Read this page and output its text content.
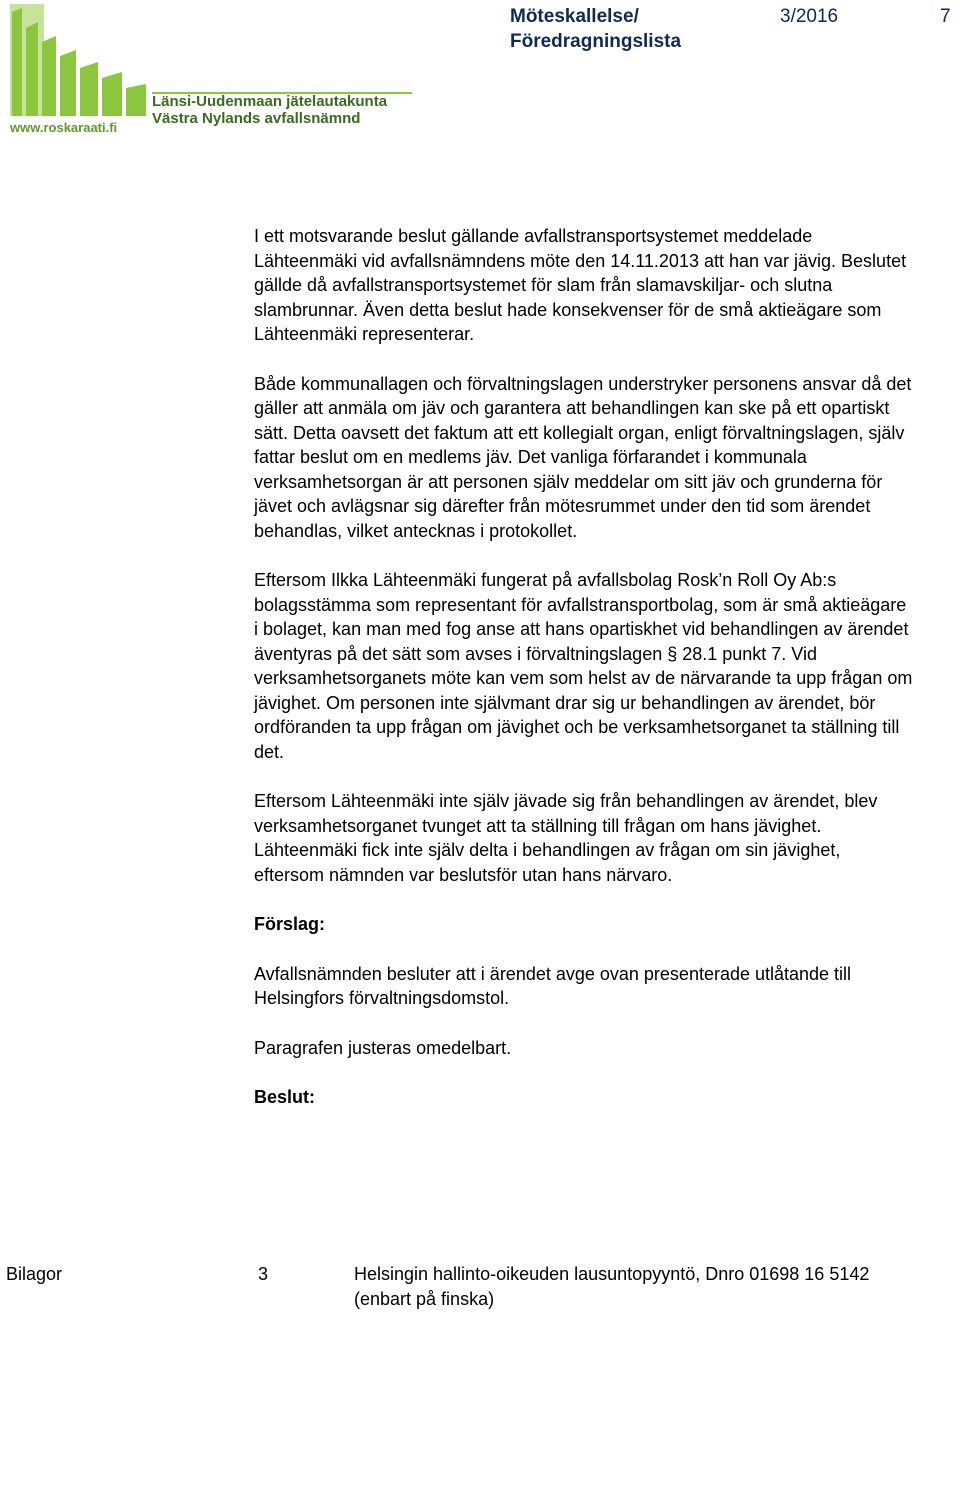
Länsi-Uudenmaan jätelautakunta
Västra Nylands avfallsnämnd
www.roskaraati.fi
Möteskallelse/ Föredragningslista
3/2016	7

I ett motsvarande beslut gällande avfallstransportsystemet meddelade Lähteenmäki vid avfallsnämndens möte den 14.11.2013 att han var jävig. Beslutet gällde då avfallstransportsystemet för slam från slamavskiljar- och slutna slambrunnar. Även detta beslut hade konsekvenser för de små aktieägare som Lähteenmäki representerar.

Både kommunallagen och förvaltningslagen understryker personens ansvar då det gäller att anmäla om jäv och garantera att behandlingen kan ske på ett opartiskt sätt. Detta oavsett det faktum att ett kollegialt organ, enligt förvaltningslagen, själv fattar beslut om en medlems jäv. Det vanliga förfarandet i kommunala verksamhetsorgan är att personen själv meddelar om sitt jäv och grunderna för jävet och avlägsnar sig därefter från mötesrummet under den tid som ärendet behandlas, vilket antecknas i protokollet.

Eftersom Ilkka Lähteenmäki fungerat på avfallsbolag Rosk’n Roll Oy Ab:s bolagsstämma som representant för avfallstransportbolag, som är små aktieägare i bolaget, kan man med fog anse att hans opartiskhet vid behandlingen av ärendet äventyras på det sätt som avses i förvaltningslagen § 28.1 punkt 7. Vid verksamhetsorganets möte kan vem som helst av de närvarande ta upp frågan om jävighet. Om personen inte självmant drar sig ur behandlingen av ärendet, bör ordföranden ta upp frågan om jävighet och be verksamhetsorganet ta ställning till det.

Eftersom Lähteenmäki inte själv jävade sig från behandlingen av ärendet, blev verksamhetsorganet tvunget att ta ställning till frågan om hans jävighet. Lähteenmäki fick inte själv delta i behandlingen av frågan om sin jävighet, eftersom nämnden var beslutsför utan hans närvaro.

Förslag:

Avfallsnämnden besluter att i ärendet avge ovan presenterade utlåtande till Helsingfors förvaltningsdomstol.

Paragrafen justeras omedelbart.

Beslut:
Bilagor	3	Helsingin hallinto-oikeuden lausuntopyyntö, Dnro 01698 16 5142 (enbart på finska)
